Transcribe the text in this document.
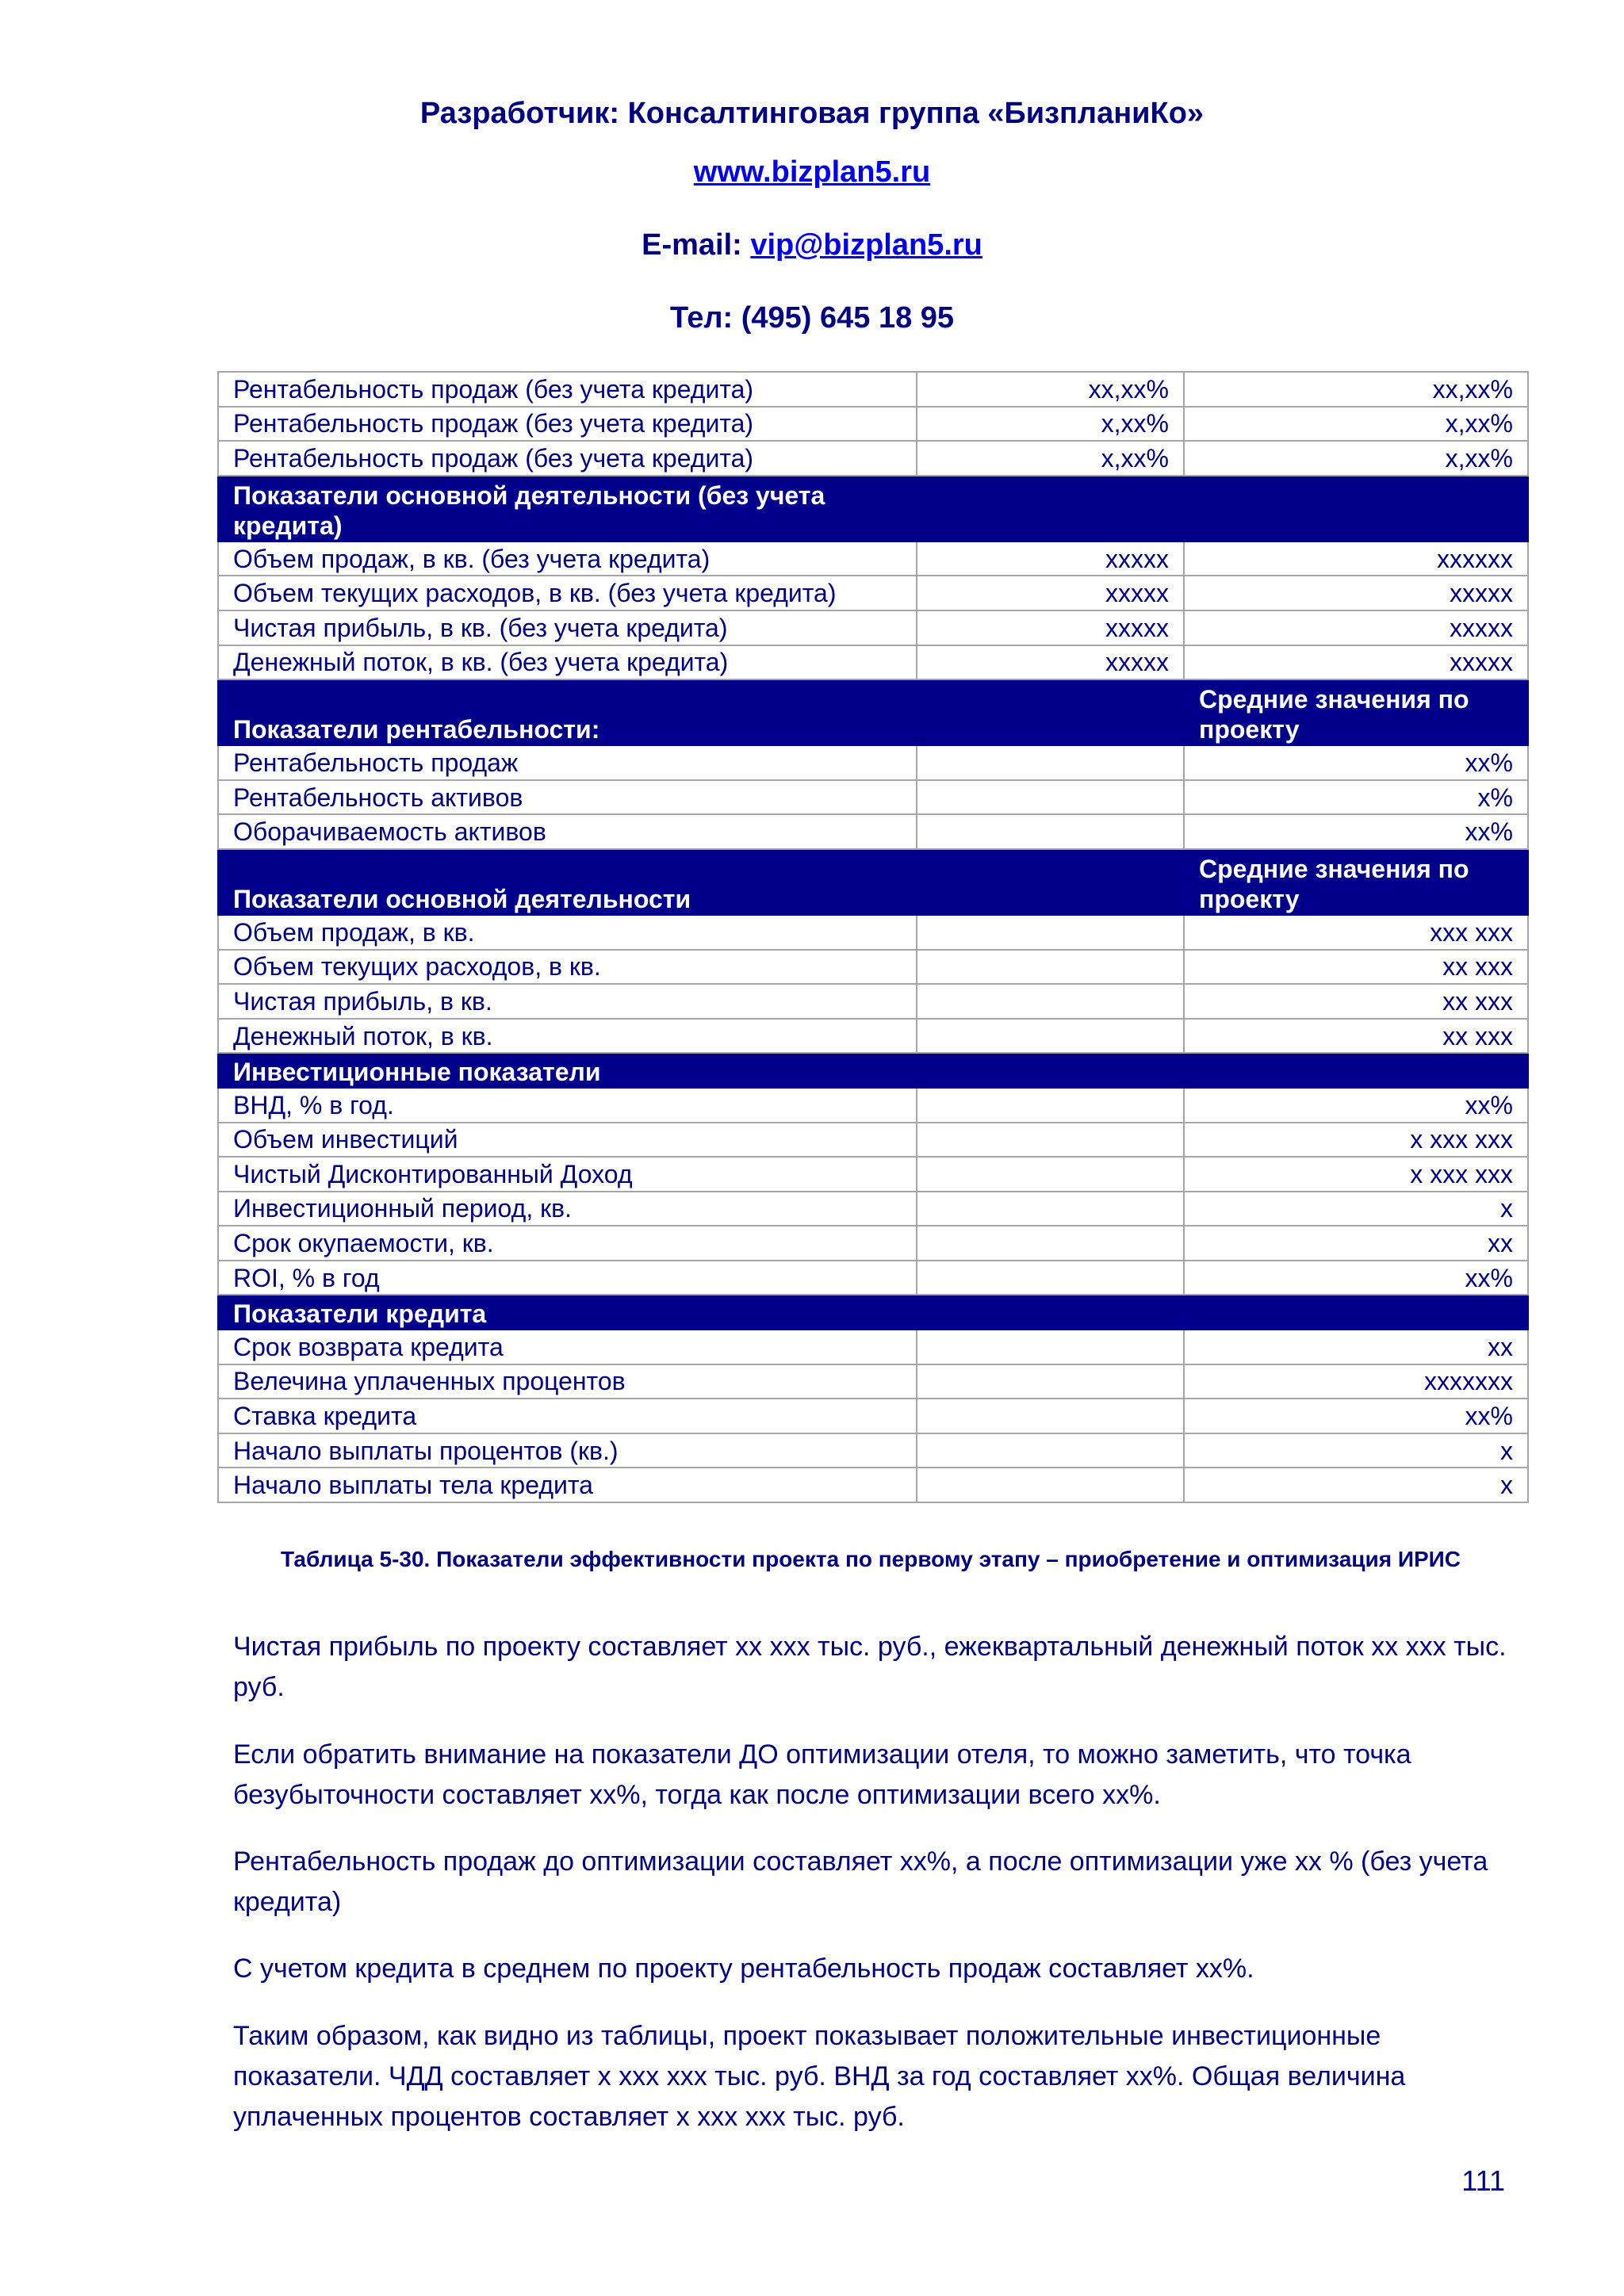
Разработчик: Консалтинговая группа «БизпланиКо»
www.bizplan5.ru
E-mail: vip@bizplan5.ru
Тел: (495) 645 18 95
Рентабельность продаж (без учета кредита)	хх,хх%	хх,хх%
Рентабельность продаж (без учета кредита)	х,хх%	х,хх%
Рентабельность продаж (без учета кредита)	х,хх%	х,хх%
Показатели основной деятельности (без учета кредита)		
Объем продаж, в кв. (без учета кредита)	ххххх	хххххх
Объем текущих расходов, в кв. (без учета кредита)	ххххх	ххххх
Чистая прибыль, в кв. (без учета кредита)	ххххх	ххххх
Денежный поток, в кв. (без учета кредита)	ххххх	ххххх
Показатели рентабельности:		Средние значения по проекту
Рентабельность продаж		хх%
Рентабельность активов		х%
Оборачиваемость активов		хх%
Показатели основной деятельности		Средние значения по проекту
Объем продаж, в кв.		ххх ххх
Объем текущих расходов, в кв.		хх ххх
Чистая прибыль, в кв.		хх ххх
Денежный поток, в кв.		хх ххх
Инвестиционные показатели		
ВНД, % в год.		хх%
Объем инвестиций		х ххх ххх
Чистый Дисконтированный Доход		х ххх ххх
Инвестиционный период, кв.		х
Срок окупаемости, кв.		хх
ROI, % в год		хх%
Показатели кредита		
Срок возврата кредита		хх
Велечина уплаченных процентов		ххххххх
Ставка кредита		хх%
Начало выплаты процентов (кв.)		х
Начало выплаты тела кредита		х
Таблица 5-30. Показатели эффективности проекта по первому этапу – приобретение и оптимизация ИРИС

Чистая прибыль по проекту составляет хх ххх тыс. руб., ежеквартальный денежный поток хх ххх тыс. руб.

Если обратить внимание на показатели ДО оптимизации отеля, то можно заметить, что точка безубыточности составляет хх%, тогда как после оптимизации всего хх%.

Рентабельность продаж до оптимизации составляет хх%, а после оптимизации уже хх % (без учета кредита)

С учетом кредита в среднем по проекту рентабельность продаж составляет хх%.

Таким образом, как видно из таблицы, проект показывает положительные инвестиционные показатели. ЧДД составляет х ххх ххх тыс. руб. ВНД за год составляет хх%. Общая величина уплаченных процентов составляет х ххх ххх тыс. руб.

111
